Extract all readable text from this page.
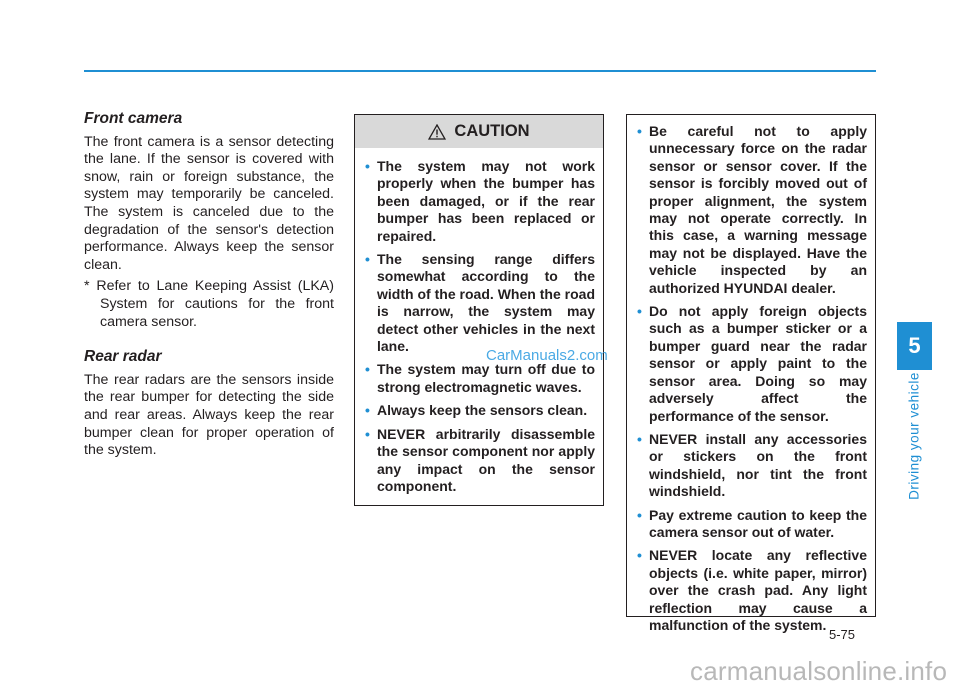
Front camera

The front camera is a sensor detecting the lane. If the sensor is covered with snow, rain or foreign substance, the system may temporarily be canceled. The system is canceled due to the degradation of the sensor's detection performance. Always keep the sensor clean.

* Refer to Lane Keeping Assist (LKA) System for cautions for the front camera sensor.

Rear radar

The rear radars are the sensors inside the rear bumper for detecting the side and rear areas. Always keep the rear bumper clean for proper operation of the system.

CAUTION
• The system may not work properly when the bumper has been damaged, or if the rear bumper has been replaced or repaired.
• The sensing range differs somewhat according to the width of the road. When the road is narrow, the system may detect other vehicles in the next lane.
• The system may turn off due to strong electromagnetic waves.
• Always keep the sensors clean.
• NEVER arbitrarily disassemble the sensor component nor apply any impact on the sensor component.
• Be careful not to apply unnecessary force on the radar sensor or sensor cover. If the sensor is forcibly moved out of proper alignment, the system may not operate correctly. In this case, a warning message may not be displayed. Have the vehicle inspected by an authorized HYUNDAI dealer.
• Do not apply foreign objects such as a bumper sticker or a bumper guard near the radar sensor or apply paint to the sensor area. Doing so may adversely affect the performance of the sensor.
• NEVER install any accessories or stickers on the front windshield, nor tint the front windshield.
• Pay extreme caution to keep the camera sensor out of water.
• NEVER locate any reflective objects (i.e. white paper, mirror) over the crash pad. Any light reflection may cause a malfunction of the system.
CarManuals2.com	5
Driving your vehicle
5-75
carmanualsonline.info
